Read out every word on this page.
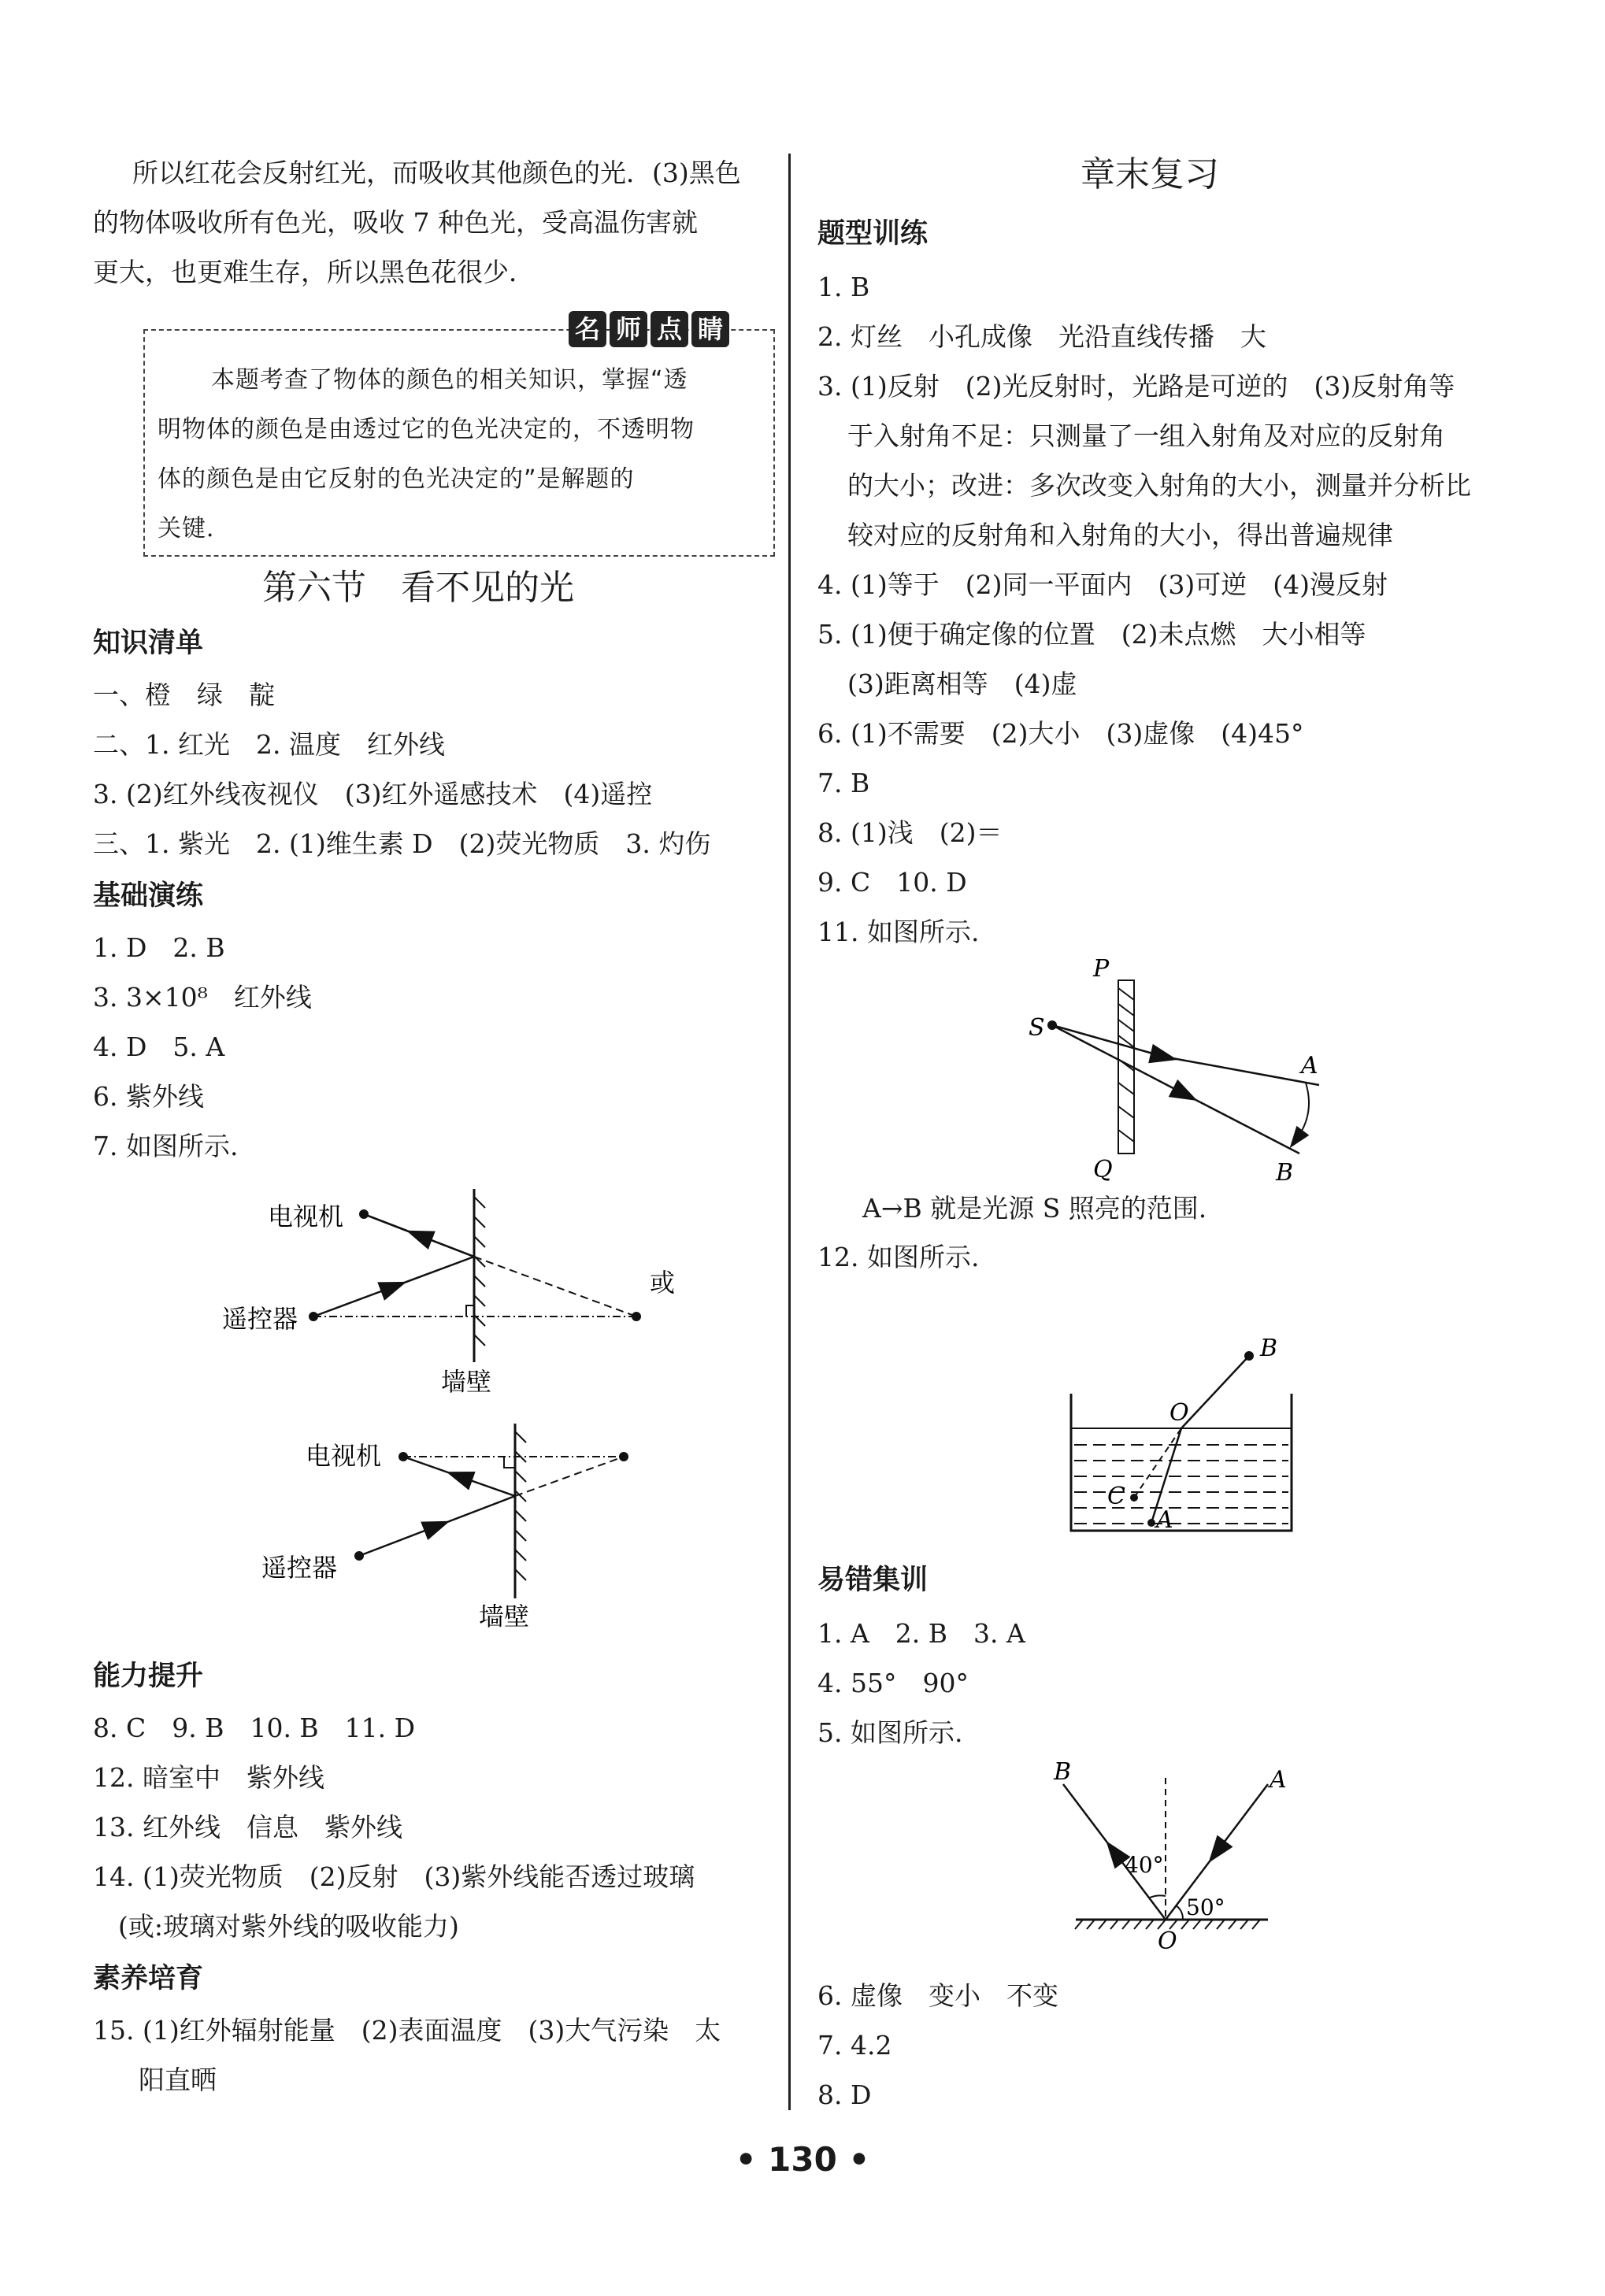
所以红花会反射红光，而吸收其他颜色的光．(3)黑色
的物体吸收所有色光，吸收 7 种色光，受高温伤害就
更大，也更难生存，所以黑色花很少．
名 师 点 睛
本题考查了物体的颜色的相关知识，掌握“透
明物体的颜色是由透过它的色光决定的，不透明物
体的颜色是由它反射的色光决定的”是解题的
关键．
第六节　看不见的光
知识清单
一、橙　绿　靛
二、1. 红光　2. 温度　红外线
3. (2)红外线夜视仪　(3)红外遥感技术　(4)遥控
三、1. 紫光　2. (1)维生素 D　(2)荧光物质　3. 灼伤
基础演练
1. D　2. B
3. 3×10⁸　红外线
4. D　5. A
6. 紫外线
7. 如图所示.
电视机
遥控器
墙壁
或
电视机
遥控器
墙壁
能力提升
8. C　9. B　10. B　11. D
12. 暗室中　紫外线
13. 红外线　信息　紫外线
14. (1)荧光物质　(2)反射　(3)紫外线能否透过玻璃
(或:玻璃对紫外线的吸收能力)
素养培育
15. (1)红外辐射能量　(2)表面温度　(3)大气污染　太
阳直晒
章末复习
题型训练
1. B
2. 灯丝　小孔成像　光沿直线传播　大
3. (1)反射　(2)光反射时，光路是可逆的　(3)反射角等
于入射角不足：只测量了一组入射角及对应的反射角
的大小；改进：多次改变入射角的大小，测量并分析比
较对应的反射角和入射角的大小，得出普遍规律
4. (1)等于　(2)同一平面内　(3)可逆　(4)漫反射
5. (1)便于确定像的位置　(2)未点燃　大小相等
(3)距离相等　(4)虚
6. (1)不需要　(2)大小　(3)虚像　(4)45°
7. B
8. (1)浅　(2)＝
9. C　10. D
11. 如图所示.
P
Q
S
A
B
A→B 就是光源 S 照亮的范围.
12. 如图所示.
B
O
C
A
易错集训
1. A　2. B　3. A
4. 55°　90°
5. 如图所示.
B	A
O
40°
50°
6. 虚像　变小　不变
7. 4.2
8. D
• 130 •
